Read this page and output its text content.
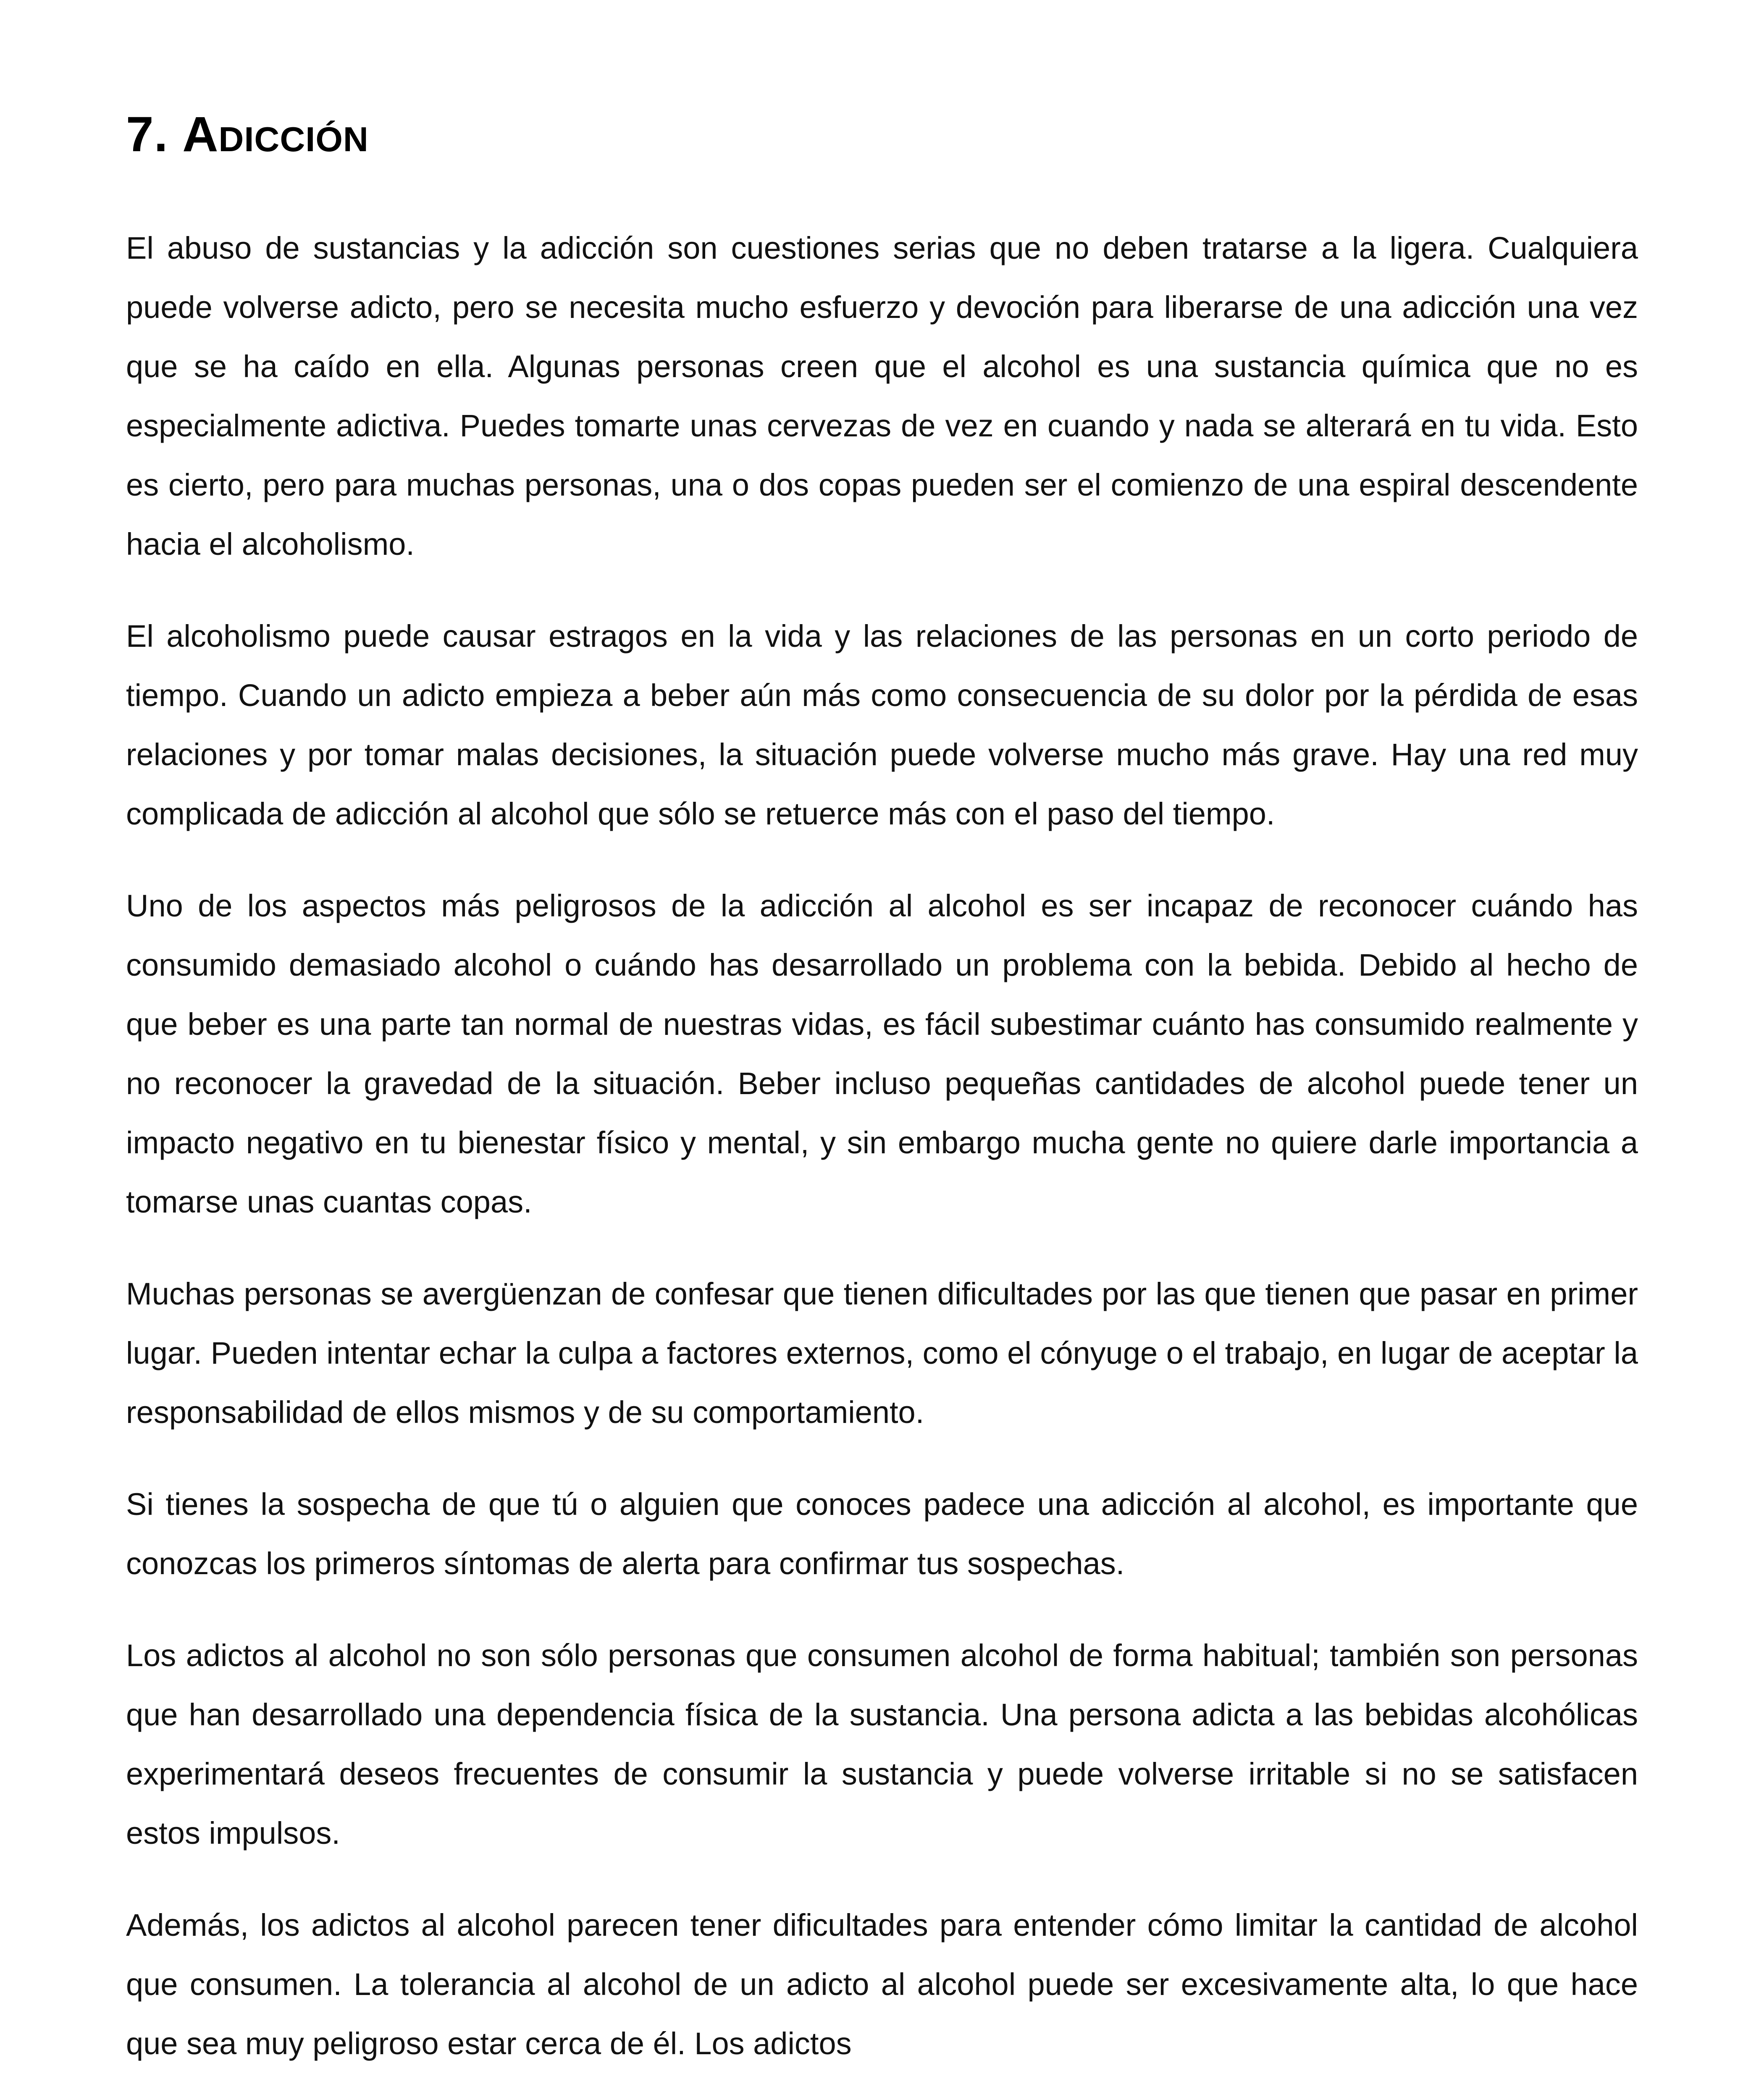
7. Adicción

El abuso de sustancias y la adicción son cuestiones serias que no deben tratarse a la ligera. Cualquiera puede volverse adicto, pero se necesita mucho esfuerzo y devoción para liberarse de una adicción una vez que se ha caído en ella. Algunas personas creen que el alcohol es una sustancia química que no es especialmente adictiva. Puedes tomarte unas cervezas de vez en cuando y nada se alterará en tu vida. Esto es cierto, pero para muchas personas, una o dos copas pueden ser el comienzo de una espiral descendente hacia el alcoholismo.

El alcoholismo puede causar estragos en la vida y las relaciones de las personas en un corto periodo de tiempo. Cuando un adicto empieza a beber aún más como consecuencia de su dolor por la pérdida de esas relaciones y por tomar malas decisiones, la situación puede volverse mucho más grave. Hay una red muy complicada de adicción al alcohol que sólo se retuerce más con el paso del tiempo.

Uno de los aspectos más peligrosos de la adicción al alcohol es ser incapaz de reconocer cuándo has consumido demasiado alcohol o cuándo has desarrollado un problema con la bebida. Debido al hecho de que beber es una parte tan normal de nuestras vidas, es fácil subestimar cuánto has consumido realmente y no reconocer la gravedad de la situación. Beber incluso pequeñas cantidades de alcohol puede tener un impacto negativo en tu bienestar físico y mental, y sin embargo mucha gente no quiere darle importancia a tomarse unas cuantas copas.

Muchas personas se avergüenzan de confesar que tienen dificultades por las que tienen que pasar en primer lugar. Pueden intentar echar la culpa a factores externos, como el cónyuge o el trabajo, en lugar de aceptar la responsabilidad de ellos mismos y de su comportamiento.

Si tienes la sospecha de que tú o alguien que conoces padece una adicción al alcohol, es importante que conozcas los primeros síntomas de alerta para confirmar tus sospechas.

Los adictos al alcohol no son sólo personas que consumen alcohol de forma habitual; también son personas que han desarrollado una dependencia física de la sustancia. Una persona adicta a las bebidas alcohólicas experimentará deseos frecuentes de consumir la sustancia y puede volverse irritable si no se satisfacen estos impulsos.

Además, los adictos al alcohol parecen tener dificultades para entender cómo limitar la cantidad de alcohol que consumen. La tolerancia al alcohol de un adicto al alcohol puede ser excesivamente alta, lo que hace que sea muy peligroso estar cerca de él. Los adictos
